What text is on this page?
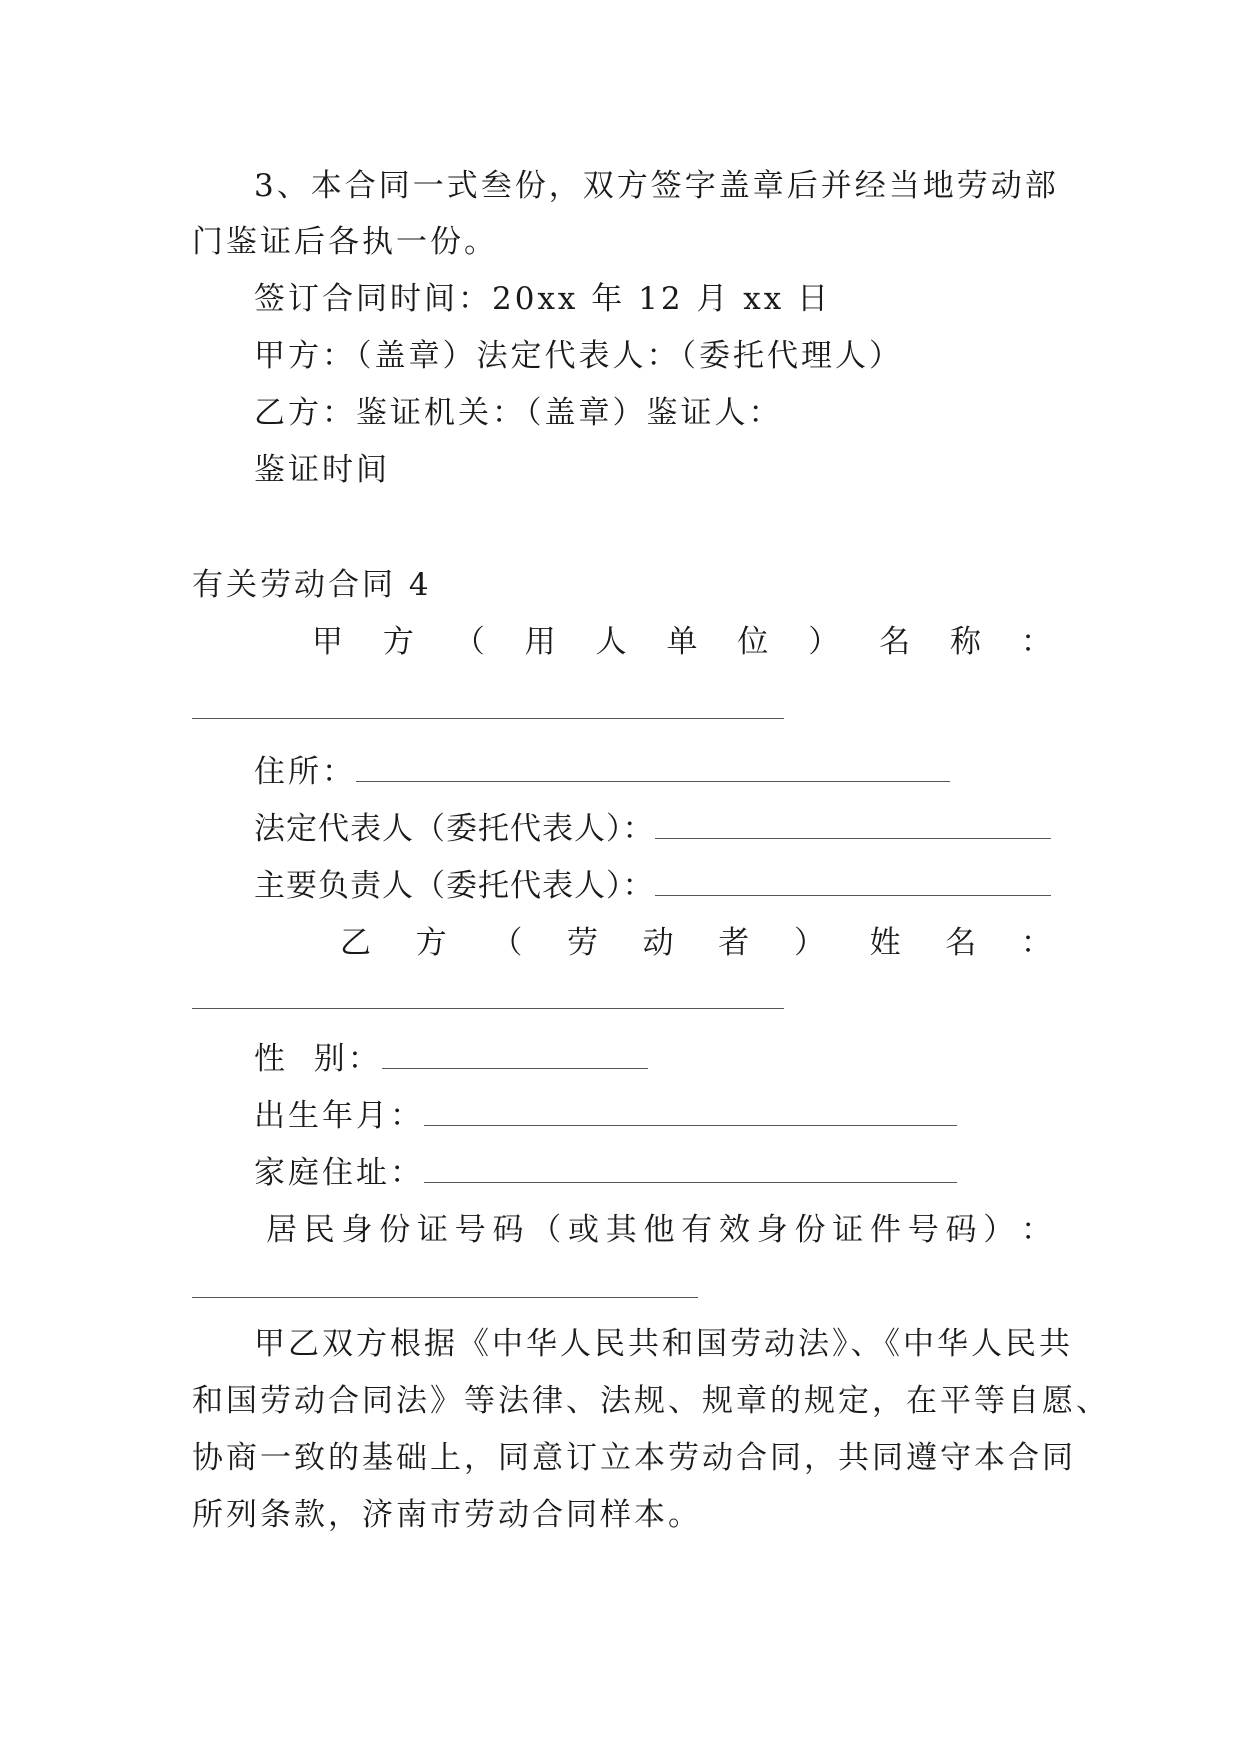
3、本合同一式叁份，双方签字盖章后并经当地劳动部
门鉴证后各执一份。
签订合同时间：20xx 年 12 月 xx 日
甲方：（盖章）法定代表人：（委托代理人）
乙方：鉴证机关：（盖章）鉴证人：
鉴证时间
有关劳动合同 4
甲 方 （ 用 人 单 位 ） 名 称 ：
住所：
法定代表人（委托代表人）：
主要负责人（委托代表人）：
乙 方 （ 劳 动 者 ） 姓 名 ：
性  别：
出生年月：
家庭住址：
居 民 身 份 证 号 码 （ 或 其 他 有 效 身 份 证 件 号 码 ） ：
甲乙双方根据《中华人民共和国劳动法》、《中华人民共
和国劳动合同法》等法律、法规、规章的规定，在平等自愿、
协商一致的基础上，同意订立本劳动合同，共同遵守本合同
所列条款，济南市劳动合同样本。
